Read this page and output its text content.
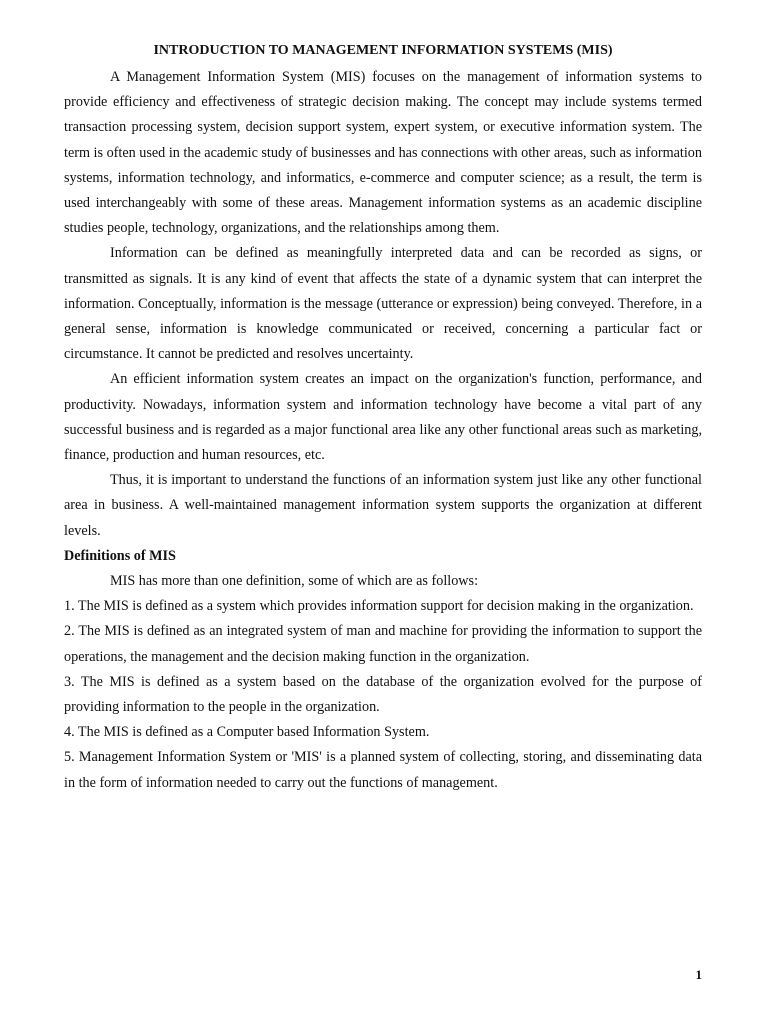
INTRODUCTION TO MANAGEMENT INFORMATION SYSTEMS (MIS)

A Management Information System (MIS) focuses on the management of information systems to provide efficiency and effectiveness of strategic decision making. The concept may include systems termed transaction processing system, decision support system, expert system, or executive information system. The term is often used in the academic study of businesses and has connections with other areas, such as information systems, information technology, and informatics, e-commerce and computer science; as a result, the term is used interchangeably with some of these areas. Management information systems as an academic discipline studies people, technology, organizations, and the relationships among them.

Information can be defined as meaningfully interpreted data and can be recorded as signs, or transmitted as signals. It is any kind of event that affects the state of a dynamic system that can interpret the information. Conceptually, information is the message (utterance or expression) being conveyed. Therefore, in a general sense, information is knowledge communicated or received, concerning a particular fact or circumstance. It cannot be predicted and resolves uncertainty.

An efficient information system creates an impact on the organization's function, performance, and productivity. Nowadays, information system and information technology have become a vital part of any successful business and is regarded as a major functional area like any other functional areas such as marketing, finance, production and human resources, etc.

Thus, it is important to understand the functions of an information system just like any other functional area in business. A well-maintained management information system supports the organization at different levels.

Definitions of MIS

MIS has more than one definition, some of which are as follows:

1. The MIS is defined as a system which provides information support for decision making in the organization.

2. The MIS is defined as an integrated system of man and machine for providing the information to support the operations, the management and the decision making function in the organization.

3. The MIS is defined as a system based on the database of the organization evolved for the purpose of providing information to the people in the organization.

4. The MIS is defined as a Computer based Information System.

5. Management Information System or 'MIS' is a planned system of collecting, storing, and disseminating data in the form of information needed to carry out the functions of management.

1
